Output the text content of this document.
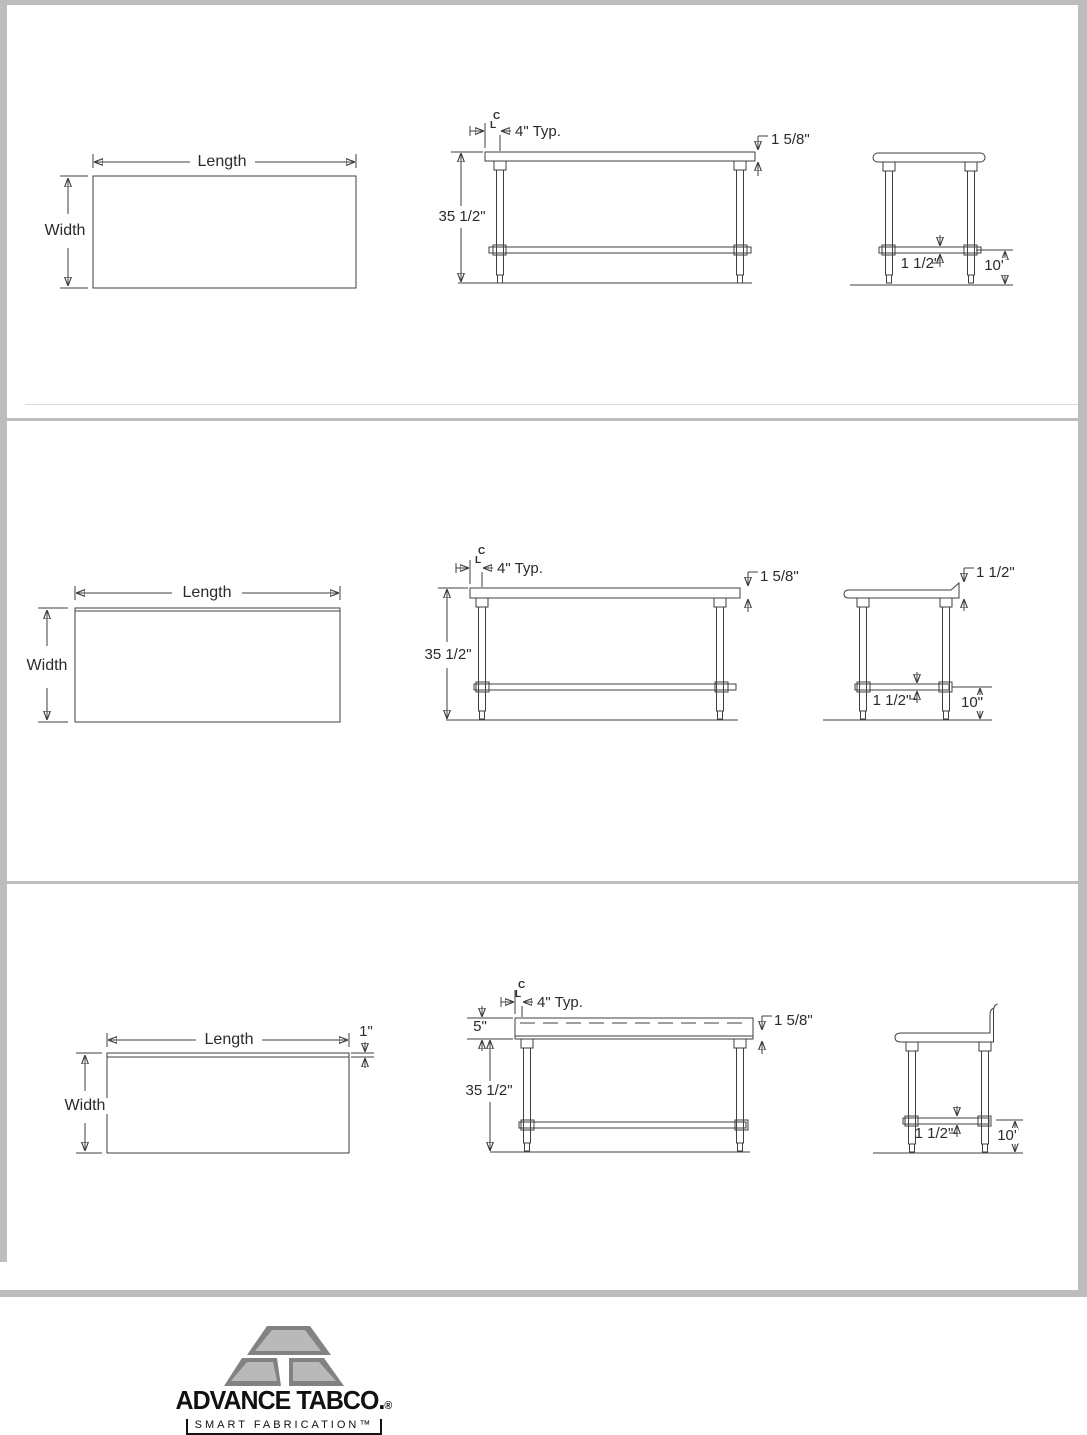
Length
Width
35 1/2"
C
L 4" Typ.	1 5/8"
1 1/2"	10'
Length
Width
35 1/2"
C
L 4" Typ.	1 5/8"	1 1/2"
1 1/2"	10"
Length
Width
1"	5"
35 1/2"
C
L 4" Typ.
1 5/8"
1 1/2"	10'
ADVANCE TABCO.®
SMART FABRICATION™
